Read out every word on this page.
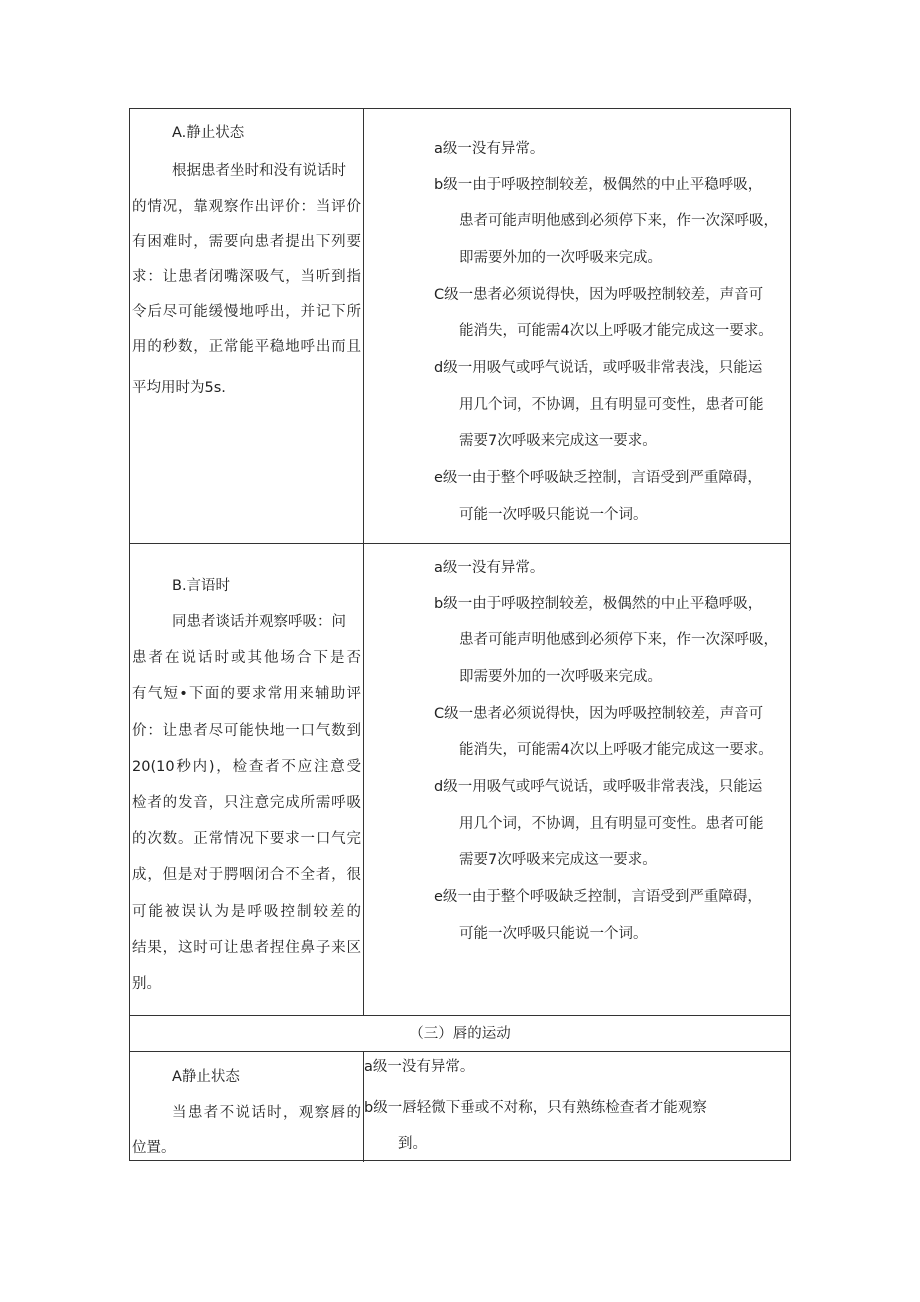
A.静止状态
根据患者坐时和没有说话时
的情况，靠观察作出评价：当评价
有困难时，需要向患者提出下列要
求：让患者闭嘴深吸气，当听到指
令后尽可能缓慢地呼出，并记下所
用的秒数，正常能平稳地呼出而且
平均用时为5s.
a级一没有异常。
b级一由于呼吸控制较差，极偶然的中止平稳呼吸，
患者可能声明他感到必须停下来，作一次深呼吸，
即需要外加的一次呼吸来完成。
C级一患者必须说得快，因为呼吸控制较差，声音可
能消失，可能需4次以上呼吸才能完成这一要求。
d级一用吸气或呼气说话，或呼吸非常表浅，只能运
用几个词，不协调，且有明显可变性，患者可能
需要7次呼吸来完成这一要求。
e级一由于整个呼吸缺乏控制，言语受到严重障碍，
可能一次呼吸只能说一个词。
B.言语时
同患者谈话并观察呼吸：问
患者在说话时或其他场合下是否
有气短•下面的要求常用来辅助评
价：让患者尽可能快地一口气数到
20(10秒内)，检查者不应注意受
检者的发音，只注意完成所需呼吸
的次数。正常情况下要求一口气完
成，但是对于腭咽闭合不全者，很
可能被误认为是呼吸控制较差的
结果，这时可让患者捏住鼻子来区
别。
a级一没有异常。
b级一由于呼吸控制较差，极偶然的中止平稳呼吸，
患者可能声明他感到必须停下来，作一次深呼吸，
即需要外加的一次呼吸来完成。
C级一患者必须说得快，因为呼吸控制较差，声音可
能消失，可能需4次以上呼吸才能完成这一要求。
d级一用吸气或呼气说话，或呼吸非常表浅，只能运
用几个词，不协调，且有明显可变性。患者可能
需要7次呼吸来完成这一要求。
e级一由于整个呼吸缺乏控制，言语受到严重障碍，
可能一次呼吸只能说一个词。
（三）唇的运动
A静止状态
当患者不说话时，观察唇的
位置。
a级一没有异常。
b级一唇轻微下垂或不对称，只有熟练检查者才能观察
到。
